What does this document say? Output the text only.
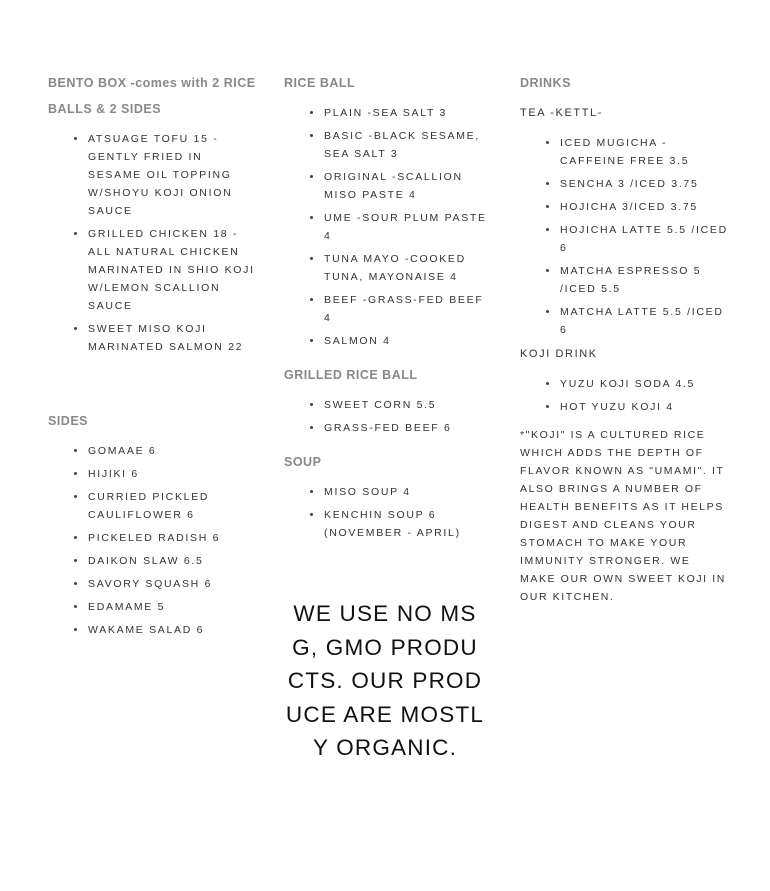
BENTO BOX -comes with 2 RICE BALLS & 2 SIDES
ATSUAGE TOFU 15 - GENTLY FRIED IN SESAME OIL TOPPING W/SHOYU KOJI ONION SAUCE
GRILLED CHICKEN 18 - ALL NATURAL CHICKEN MARINATED IN SHIO KOJI W/LEMON SCALLION SAUCE
SWEET MISO KOJI MARINATED SALMON 22
SIDES
GOMAAE 6
HIJIKI 6
CURRIED PICKLED CAULIFLOWER 6
PICKELED RADISH 6
DAIKON SLAW 6.5
SAVORY SQUASH 6
EDAMAME 5
WAKAME SALAD 6
RICE BALL
PLAIN -SEA SALT 3
BASIC -BLACK SESAME, SEA SALT 3
ORIGINAL -SCALLION MISO PASTE 4
UME -SOUR PLUM PASTE 4
TUNA MAYO -COOKED TUNA, MAYONAISE 4
BEEF -GRASS-FED BEEF 4
SALMON 4
GRILLED RICE BALL
SWEET CORN 5.5
GRASS-FED BEEF 6
SOUP
MISO SOUP 4
KENCHIN SOUP 6 (NOVEMBER - APRIL)
WE USE NO MSG, GMO PRODUCTS. OUR PRODUCE ARE MOSTLY ORGANIC.
DRINKS
TEA -KETTL-
ICED MUGICHA -CAFFEINE FREE 3.5
SENCHA 3 /ICED 3.75
HOJICHA 3/ICED 3.75
HOJICHA LATTE 5.5 /ICED 6
MATCHA ESPRESSO 5 /ICED 5.5
MATCHA LATTE 5.5 /ICED 6
KOJI DRINK
YUZU KOJI SODA 4.5
HOT YUZU KOJI 4
*"KOJI" IS A CULTURED RICE WHICH ADDS THE DEPTH OF FLAVOR KNOWN AS "UMAMI". IT ALSO BRINGS A NUMBER OF HEALTH BENEFITS AS IT HELPS DIGEST AND CLEANS YOUR STOMACH TO MAKE YOUR IMMUNITY STRONGER. WE MAKE OUR OWN SWEET KOJI IN OUR KITCHEN.
